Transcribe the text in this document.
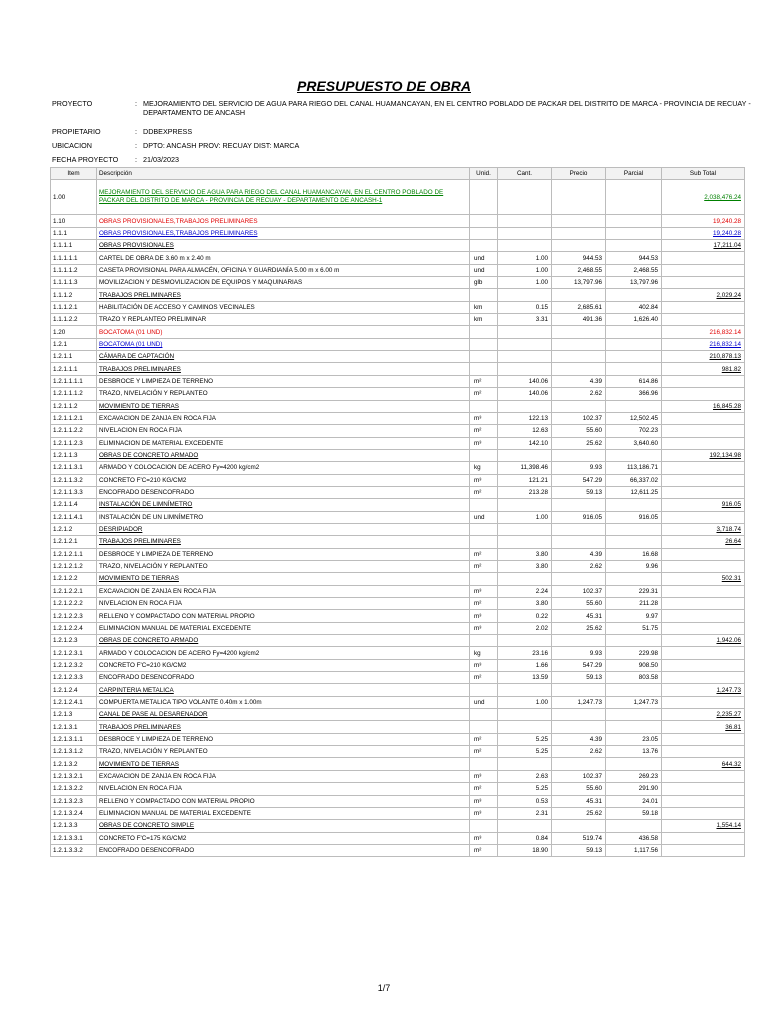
PRESUPUESTO DE OBRA
PROYECTO	: MEJORAMIENTO DEL SERVICIO DE AGUA PARA RIEGO DEL CANAL HUAMANCAYAN, EN EL CENTRO POBLADO DE PACKAR DEL DISTRITO DE MARCA - PROVINCIA DE RECUAY - DEPARTAMENTO DE ANCASH
PROPIETARIO	: DDBEXPRESS
UBICACION	: DPTO: ANCASH PROV: RECUAY DIST: MARCA
FECHA PROYECTO	: 21/03/2023
Item	Descripción	Unid.	Cant.	Precio	Parcial	Sub Total
1.00	MEJORAMIENTO DEL SERVICIO DE AGUA PARA RIEGO DEL CANAL HUAMANCAYAN, EN EL CENTRO POBLADO DE PACKAR DEL DISTRITO DE MARCA - PROVINCIA DE RECUAY - DEPARTAMENTO DE ANCASH-1					2,038,476.24
1.10	OBRAS PROVISIONALES,TRABAJOS PRELIMINARES					19,240.28
1.1.1	OBRAS PROVISIONALES,TRABAJOS PRELIMINARES					19,240.28
1.1.1.1	OBRAS PROVISIONALES					17,211.04
1.1.1.1.1	CARTEL DE OBRA DE 3.60 m x 2.40 m	und	1.00	944.53	944.53	
1.1.1.1.2	CASETA PROVISIONAL PARA ALMACÉN, OFICINA Y GUARDIANÍA 5.00 m x 6.00 m	und	1.00	2,468.55	2,468.55	
1.1.1.1.3	MOVILIZACION Y DESMOVILIZACION DE EQUIPOS Y MAQUINARIAS	glb	1.00	13,797.96	13,797.96	
1.1.1.2	TRABAJOS PRELIMINARES					2,029.24
1.1.1.2.1	HABILITACIÓN DE ACCESO Y CAMINOS VECINALES	km	0.15	2,685.61	402.84	
1.1.1.2.2	TRAZO Y REPLANTEO PRELIMINAR	km	3.31	491.36	1,626.40	
1.20	BOCATOMA (01 UND)					216,832.14
1.2.1	BOCATOMA (01 UND)					216,832.14
1.2.1.1	CÁMARA DE CAPTACIÓN					210,878.13
1.2.1.1.1	TRABAJOS PRELIMINARES					981.82
1.2.1.1.1.1	DESBROCE Y LIMPIEZA DE TERRENO	m²	140.06	4.39	614.86	
1.2.1.1.1.2	TRAZO, NIVELACIÓN Y REPLANTEO	m²	140.06	2.62	366.96	
1.2.1.1.2	MOVIMIENTO DE TIERRAS					16,845.28
1.2.1.1.2.1	EXCAVACION DE ZANJA EN ROCA FIJA	m³	122.13	102.37	12,502.45	
1.2.1.1.2.2	NIVELACION EN ROCA FIJA	m²	12.63	55.60	702.23	
1.2.1.1.2.3	ELIMINACION DE MATERIAL EXCEDENTE	m³	142.10	25.62	3,640.60	
1.2.1.1.3	OBRAS DE CONCRETO ARMADO					192,134.98
1.2.1.1.3.1	ARMADO Y COLOCACION DE ACERO Fy=4200 kg/cm2	kg	11,398.46	9.93	113,186.71	
1.2.1.1.3.2	CONCRETO F'C=210 KG/CM2	m³	121.21	547.29	66,337.02	
1.2.1.1.3.3	ENCOFRADO DESENCOFRADO	m²	213.28	59.13	12,611.25	
1.2.1.1.4	INSTALACIÓN DE LIMNÍMETRO					916.05
1.2.1.1.4.1	INSTALACIÓN DE UN LIMNÍMETRO	und	1.00	916.05	916.05	
1.2.1.2	DESRIPIADOR					3,718.74
1.2.1.2.1	TRABAJOS PRELIMINARES					26.64
1.2.1.2.1.1	DESBROCE Y LIMPIEZA DE TERRENO	m²	3.80	4.39	16.68	
1.2.1.2.1.2	TRAZO, NIVELACIÓN Y REPLANTEO	m²	3.80	2.62	9.96	
1.2.1.2.2	MOVIMIENTO DE TIERRAS					502.31
1.2.1.2.2.1	EXCAVACION DE ZANJA EN ROCA FIJA	m³	2.24	102.37	229.31	
1.2.1.2.2.2	NIVELACION EN ROCA FIJA	m²	3.80	55.60	211.28	
1.2.1.2.2.3	RELLENO Y COMPACTADO CON MATERIAL PROPIO	m³	0.22	45.31	9.97	
1.2.1.2.2.4	ELIMINACION MANUAL DE MATERIAL EXCEDENTE	m³	2.02	25.62	51.75	
1.2.1.2.3	OBRAS DE CONCRETO ARMADO					1,942.06
1.2.1.2.3.1	ARMADO Y COLOCACION DE ACERO Fy=4200 kg/cm2	kg	23.16	9.93	229.98	
1.2.1.2.3.2	CONCRETO F'C=210 KG/CM2	m³	1.66	547.29	908.50	
1.2.1.2.3.3	ENCOFRADO DESENCOFRADO	m²	13.59	59.13	803.58	
1.2.1.2.4	CARPINTERIA METALICA					1,247.73
1.2.1.2.4.1	COMPUERTA METALICA TIPO VOLANTE 0.40m x 1.00m	und	1.00	1,247.73	1,247.73	
1.2.1.3	CANAL DE PASE AL DESARENADOR					2,235.27
1.2.1.3.1	TRABAJOS PRELIMINARES					36.81
1.2.1.3.1.1	DESBROCE Y LIMPIEZA DE TERRENO	m²	5.25	4.39	23.05	
1.2.1.3.1.2	TRAZO, NIVELACIÓN Y REPLANTEO	m²	5.25	2.62	13.76	
1.2.1.3.2	MOVIMIENTO DE TIERRAS					644.32
1.2.1.3.2.1	EXCAVACION DE ZANJA EN ROCA FIJA	m³	2.63	102.37	269.23	
1.2.1.3.2.2	NIVELACION EN ROCA FIJA	m²	5.25	55.60	291.90	
1.2.1.3.2.3	RELLENO Y COMPACTADO CON MATERIAL PROPIO	m³	0.53	45.31	24.01	
1.2.1.3.2.4	ELIMINACION MANUAL DE MATERIAL EXCEDENTE	m³	2.31	25.62	59.18	
1.2.1.3.3	OBRAS DE CONCRETO SIMPLE					1,554.14
1.2.1.3.3.1	CONCRETO F'C=175 KG/CM2	m³	0.84	519.74	436.58	
1.2.1.3.3.2	ENCOFRADO DESENCOFRADO	m²	18.90	59.13	1,117.56	
1/7
